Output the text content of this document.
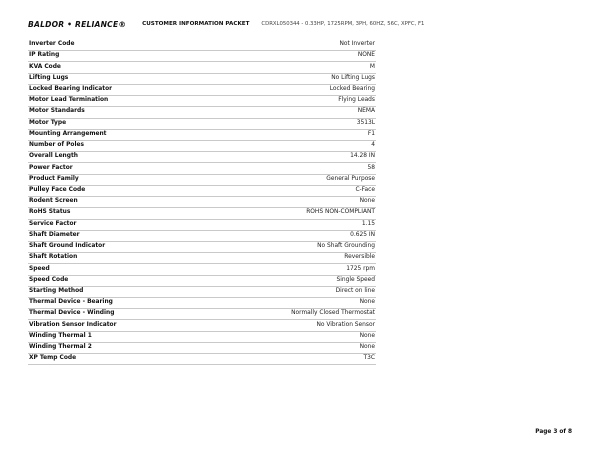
BALDOR • RELIANCE®	CUSTOMER INFORMATION PACKET CDRXL050344 - 0.33HP, 1725RPM, 3PH, 60HZ, 56C, XPFC, F1
Inverter Code	Not Inverter
IP Rating	NONE
KVA Code	M
Lifting Lugs	No Lifting Lugs
Locked Bearing Indicator	Locked Bearing
Motor Lead Termination	Flying Leads
Motor Standards	NEMA
Motor Type	3513L
Mounting Arrangement	F1
Number of Poles	4
Overall Length	14.28 IN
Power Factor	58
Product Family	General Purpose
Pulley Face Code	C-Face
Rodent Screen	None
RoHS Status	ROHS NON-COMPLIANT
Service Factor	1.15
Shaft Diameter	0.625 IN
Shaft Ground Indicator	No Shaft Grounding
Shaft Rotation	Reversible
Speed	1725 rpm
Speed Code	Single Speed
Starting Method	Direct on line
Thermal Device - Bearing	None
Thermal Device - Winding	Normally Closed Thermostat
Vibration Sensor Indicator	No Vibration Sensor
Winding Thermal 1	None
Winding Thermal 2	None
XP Temp Code	T3C
Page 3 of 8
